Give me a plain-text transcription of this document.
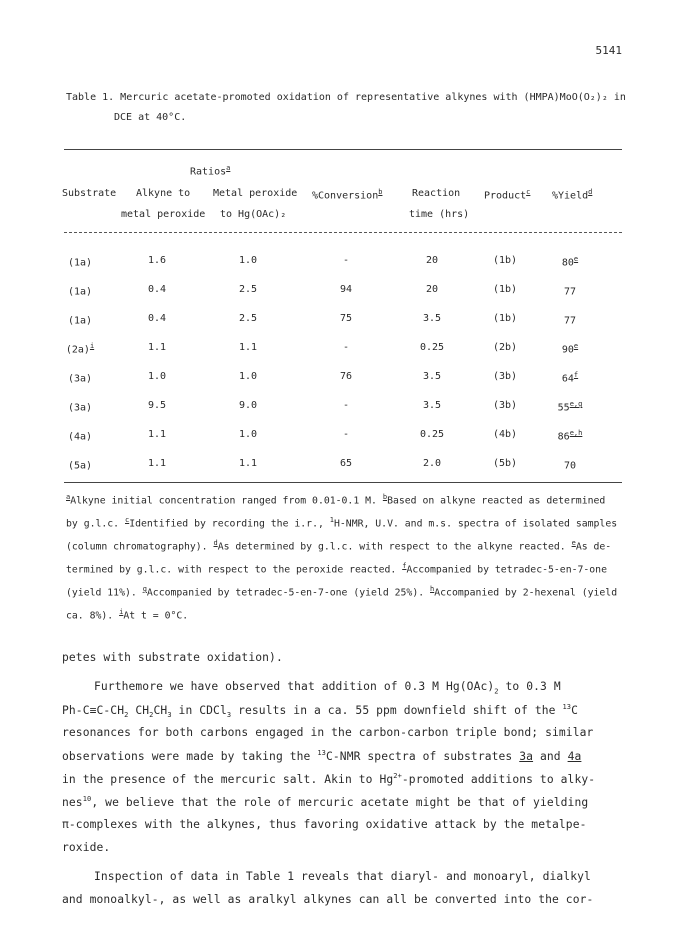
5141
Table 1. Mercuric acetate-promoted oxidation of representative alkynes with (HMPA)MoO(O₂)₂ in
DCE at 40°C.
Ratios$^a$
Substrate Alkyne to
metal peroxide
Metal peroxide
to Hg(OAc)₂
%Conversion$^b$	Reaction
time (hrs)
Product$^c$ %Yield$^d$
(1a)	1.6	1.0	-	20	(1b)	80e
(1a)	0.4	2.5	94	20	(1b)	77
(1a)	0.4	2.5	75	3.5	(1b)	77
$(2a)^i$	1.1	1.1	-	0.25	(2b)	90e
(3a)	1.0	1.0	76	3.5	(3b)	64$^f$
(3a)	9.5	9.0	-	3.5	(3b)	55$^{e,g}$
(4a)	1.1	1.0	-	0.25	(4b)	86$^{e,h}$
(5a)	1.1	1.1	65	2.0	(5b)	70
$^a$Alkyne initial concentration ranged from 0.01-0.1 M. $^b$Based on alkyne reacted as determined
by g.l.c. $^c$Identified by recording the i.r., $^1$H-NMR, U.V. and m.s. spectra of isolated samples
(column chromatography). $^d$As determined by g.l.c. with respect to the alkyne reacted. $^e$As de-
termined by g.l.c. with respect to the peroxide reacted. $^f$Accompanied by tetradec-5-en-7-one
(yield 11%). $^g$Accompanied by tetradec-5-en-7-one (yield 25%). $^h$Accompanied by 2-hexenal (yield
ca. 8%). $^i$At t = 0°C.
petes with substrate oxidation).
Furthemore we have observed that addition of 0.3 M $Hg(OAc)_2$ to 0.3 M
$Ph-C\equiv C-CH_2$ $CH_2CH_3$ in CDCl$_3$ results in a ca. 55 ppm downfield shift of the $^{13}$C
resonances for both carbons engaged in the carbon-carbon triple bond; similar
observations were made by taking the $^{13}$C-NMR spectra of substrates 3a and 4a
in the presence of the mercuric salt. Akin to $Hg^{2+}$-promoted additions to alky-
nes$^{10}$, we believe that the role of mercuric acetate might be that of yielding
π-complexes with the alkynes, thus favoring oxidative attack by the metalpe-
roxide.
Inspection of data in Table 1 reveals that diaryl- and monoaryl, dialkyl
and monoalkyl-, as well as aralkyl alkynes can all be converted into the cor-
